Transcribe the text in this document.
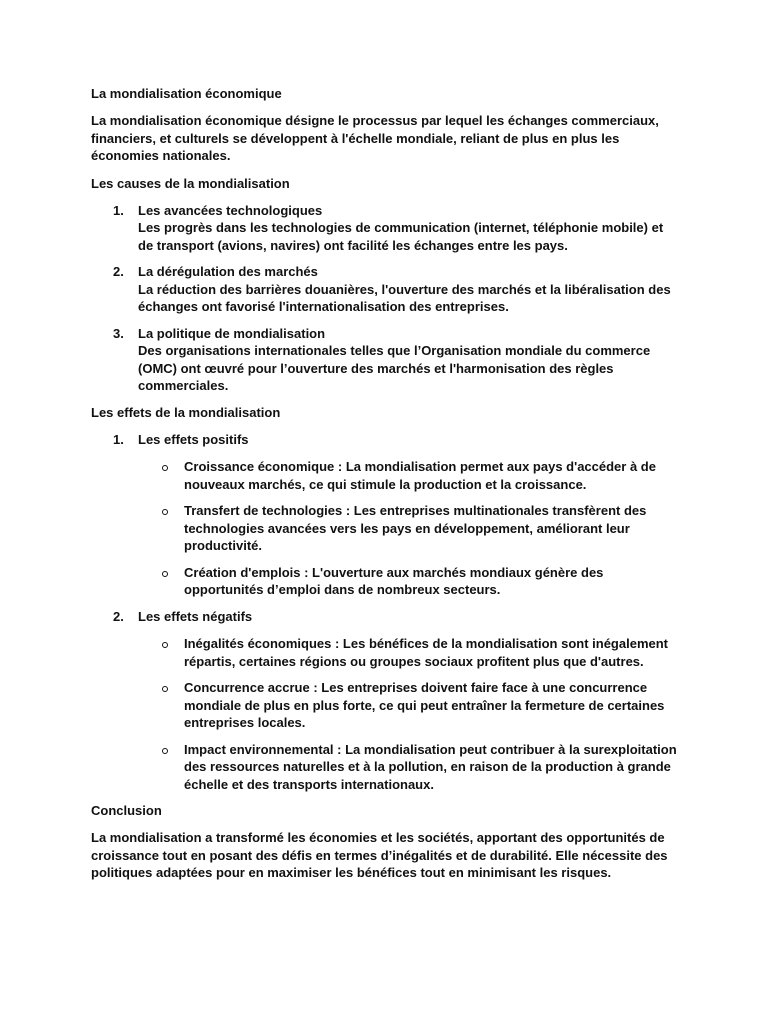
La mondialisation économique
La mondialisation économique désigne le processus par lequel les échanges commerciaux, financiers, et culturels se développent à l'échelle mondiale, reliant de plus en plus les économies nationales.
Les causes de la mondialisation
1. Les avancées technologiques
Les progrès dans les technologies de communication (internet, téléphonie mobile) et de transport (avions, navires) ont facilité les échanges entre les pays.
2. La dérégulation des marchés
La réduction des barrières douanières, l'ouverture des marchés et la libéralisation des échanges ont favorisé l'internationalisation des entreprises.
3. La politique de mondialisation
Des organisations internationales telles que l’Organisation mondiale du commerce (OMC) ont œuvré pour l’ouverture des marchés et l'harmonisation des règles commerciales.
Les effets de la mondialisation
1. Les effets positifs
Croissance économique : La mondialisation permet aux pays d'accéder à de nouveaux marchés, ce qui stimule la production et la croissance.
Transfert de technologies : Les entreprises multinationales transfèrent des technologies avancées vers les pays en développement, améliorant leur productivité.
Création d'emplois : L'ouverture aux marchés mondiaux génère des opportunités d’emploi dans de nombreux secteurs.
2. Les effets négatifs
Inégalités économiques : Les bénéfices de la mondialisation sont inégalement répartis, certaines régions ou groupes sociaux profitent plus que d'autres.
Concurrence accrue : Les entreprises doivent faire face à une concurrence mondiale de plus en plus forte, ce qui peut entraîner la fermeture de certaines entreprises locales.
Impact environnemental : La mondialisation peut contribuer à la surexploitation des ressources naturelles et à la pollution, en raison de la production à grande échelle et des transports internationaux.
Conclusion
La mondialisation a transformé les économies et les sociétés, apportant des opportunités de croissance tout en posant des défis en termes d’inégalités et de durabilité. Elle nécessite des politiques adaptées pour en maximiser les bénéfices tout en minimisant les risques.
